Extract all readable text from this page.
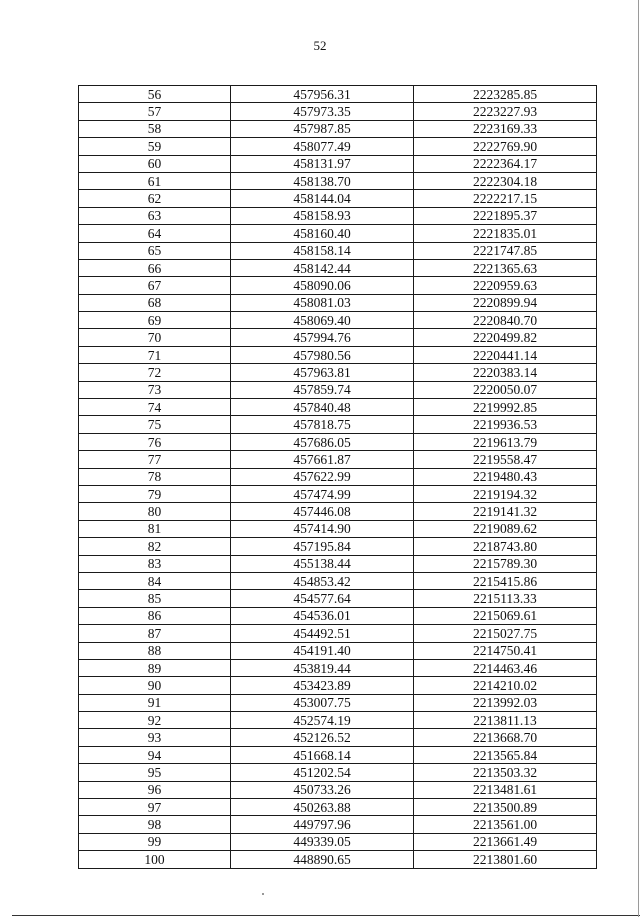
52
56	457956.31	2223285.85
57	457973.35	2223227.93
58	457987.85	2223169.33
59	458077.49	2222769.90
60	458131.97	2222364.17
61	458138.70	2222304.18
62	458144.04	2222217.15
63	458158.93	2221895.37
64	458160.40	2221835.01
65	458158.14	2221747.85
66	458142.44	2221365.63
67	458090.06	2220959.63
68	458081.03	2220899.94
69	458069.40	2220840.70
70	457994.76	2220499.82
71	457980.56	2220441.14
72	457963.81	2220383.14
73	457859.74	2220050.07
74	457840.48	2219992.85
75	457818.75	2219936.53
76	457686.05	2219613.79
77	457661.87	2219558.47
78	457622.99	2219480.43
79	457474.99	2219194.32
80	457446.08	2219141.32
81	457414.90	2219089.62
82	457195.84	2218743.80
83	455138.44	2215789.30
84	454853.42	2215415.86
85	454577.64	2215113.33
86	454536.01	2215069.61
87	454492.51	2215027.75
88	454191.40	2214750.41
89	453819.44	2214463.46
90	453423.89	2214210.02
91	453007.75	2213992.03
92	452574.19	2213811.13
93	452126.52	2213668.70
94	451668.14	2213565.84
95	451202.54	2213503.32
96	450733.26	2213481.61
97	450263.88	2213500.89
98	449797.96	2213561.00
99	449339.05	2213661.49
100	448890.65	2213801.60
